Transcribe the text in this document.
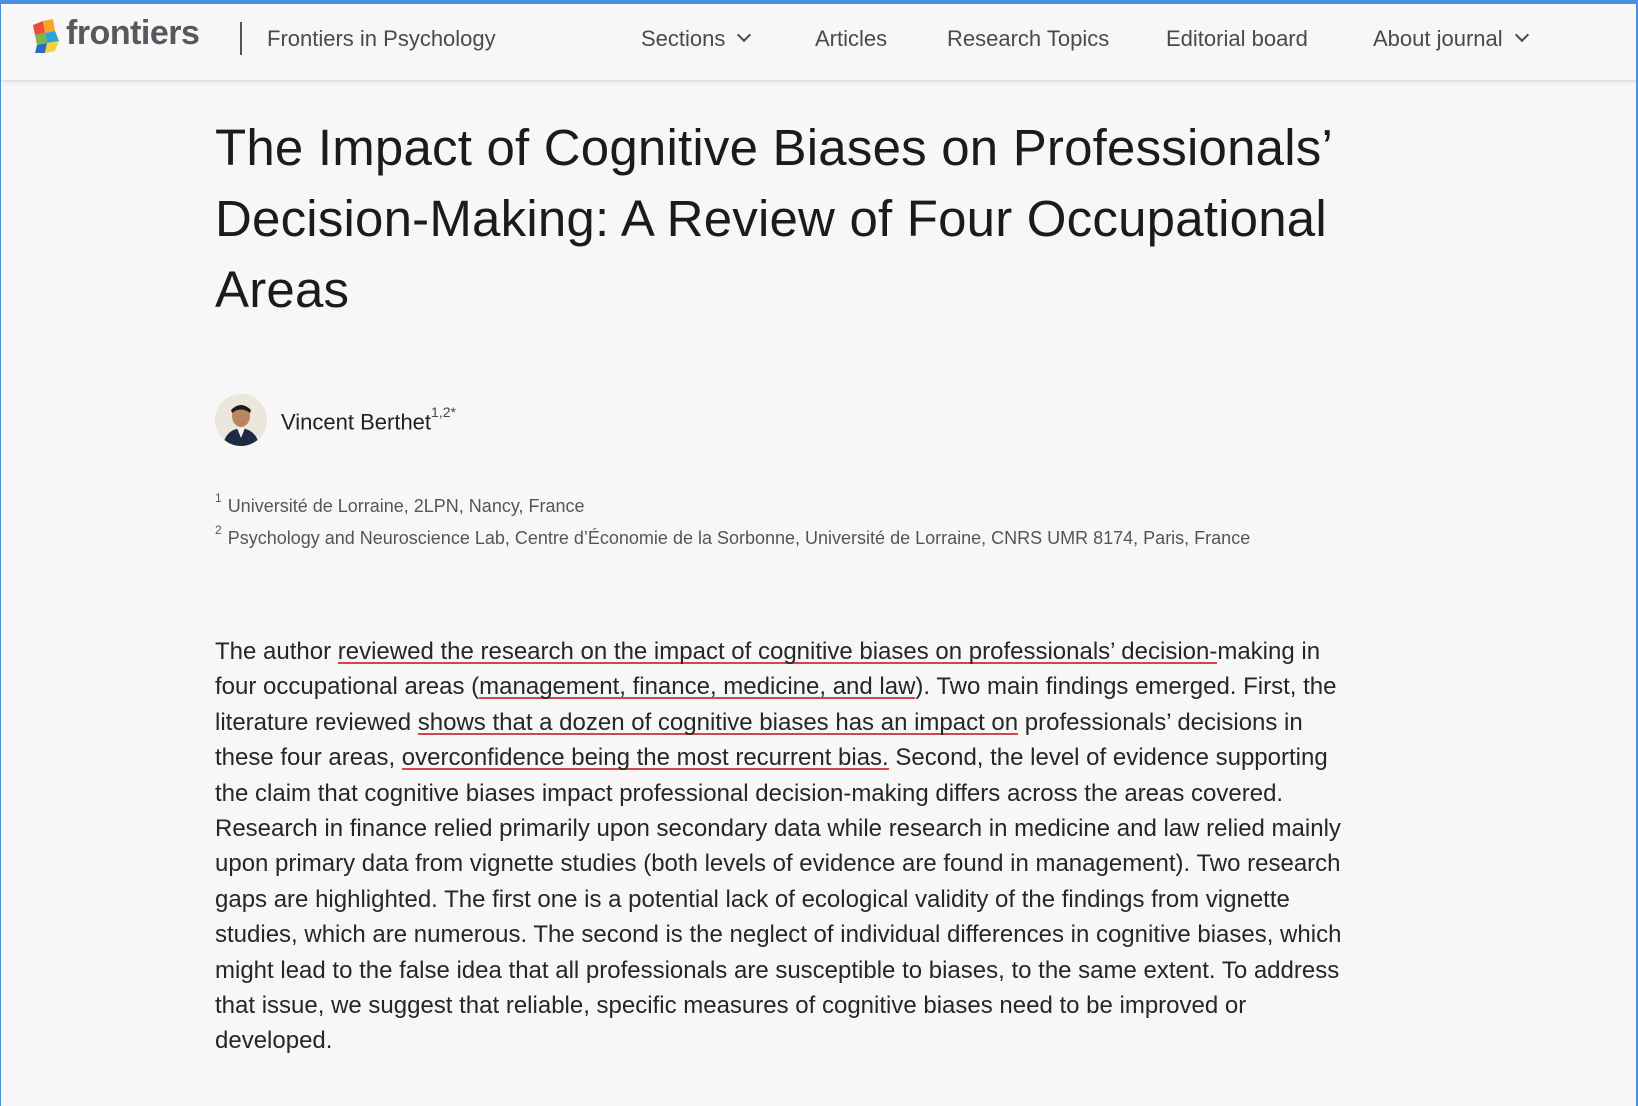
frontiers	Frontiers in Psychology	Sections	Articles	Research Topics	Editorial board	About journal
The Impact of Cognitive Biases on Professionals’ Decision-Making: A Review of Four Occupational Areas
Vincent Berthet$^{1,2*}$
$^1$ Université de Lorraine, 2LPN, Nancy, France
$^2$ Psychology and Neuroscience Lab, Centre d’Économie de la Sorbonne, Université de Lorraine, CNRS UMR 8174, Paris, France

The author reviewed the research on the impact of cognitive biases on professionals’ decision-making in four occupational areas (management, finance, medicine, and law). Two main findings emerged. First, the literature reviewed shows that a dozen of cognitive biases has an impact on professionals’ decisions in these four areas, overconfidence being the most recurrent bias. Second, the level of evidence supporting the claim that cognitive biases impact professional decision-making differs across the areas covered. Research in finance relied primarily upon secondary data while research in medicine and law relied mainly upon primary data from vignette studies (both levels of evidence are found in management). Two research gaps are highlighted. The first one is a potential lack of ecological validity of the findings from vignette studies, which are numerous. The second is the neglect of individual differences in cognitive biases, which might lead to the false idea that all professionals are susceptible to biases, to the same extent. To address that issue, we suggest that reliable, specific measures of cognitive biases need to be improved or developed.
